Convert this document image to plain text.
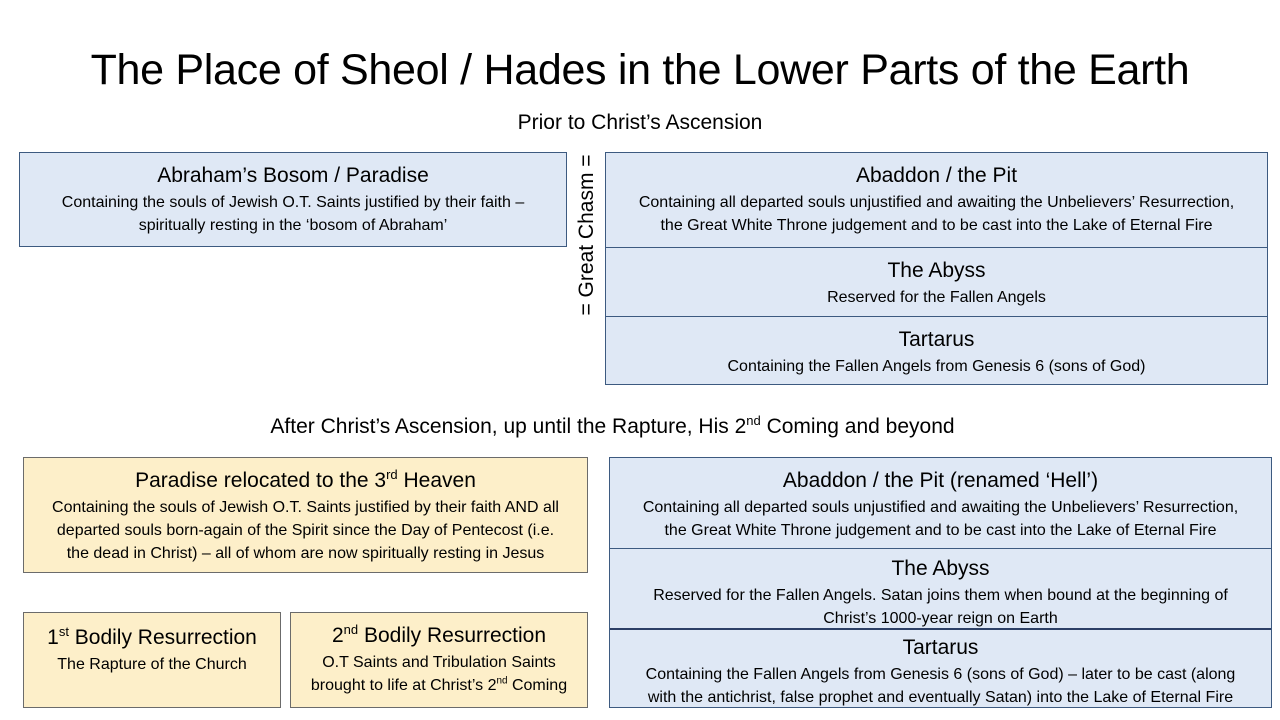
The Place of Sheol / Hades in the Lower Parts of the Earth
Prior to Christ’s Ascension
Abraham’s Bosom / Paradise
Containing the souls of Jewish O.T. Saints justified by their faith –
spiritually resting in the ‘bosom of Abraham’	= Great Chasm =	Abaddon / the Pit
Containing all departed souls unjustified and awaiting the Unbelievers’ Resurrection,
the Great White Throne judgement and to be cast into the Lake of Eternal Fire
The Abyss
Reserved for the Fallen Angels
Tartarus
Containing the Fallen Angels from Genesis 6 (sons of God)
After Christ’s Ascension, up until the Rapture, His 2nd Coming and beyond
Paradise relocated to the 3rd Heaven
Containing the souls of Jewish O.T. Saints justified by their faith AND all
departed souls born-again of the Spirit since the Day of Pentecost (i.e.
the dead in Christ) – all of whom are now spiritually resting in Jesus
1st Bodily Resurrection
The Rapture of the Church
2nd Bodily Resurrection
O.T Saints and Tribulation Saints
brought to life at Christ’s 2nd Coming
Abaddon / the Pit (renamed ‘Hell’)
Containing all departed souls unjustified and awaiting the Unbelievers’ Resurrection,
the Great White Throne judgement and to be cast into the Lake of Eternal Fire
The Abyss
Reserved for the Fallen Angels. Satan joins them when bound at the beginning of
Christ’s 1000-year reign on Earth
Tartarus
Containing the Fallen Angels from Genesis 6 (sons of God) – later to be cast (along
with the antichrist, false prophet and eventually Satan) into the Lake of Eternal Fire
